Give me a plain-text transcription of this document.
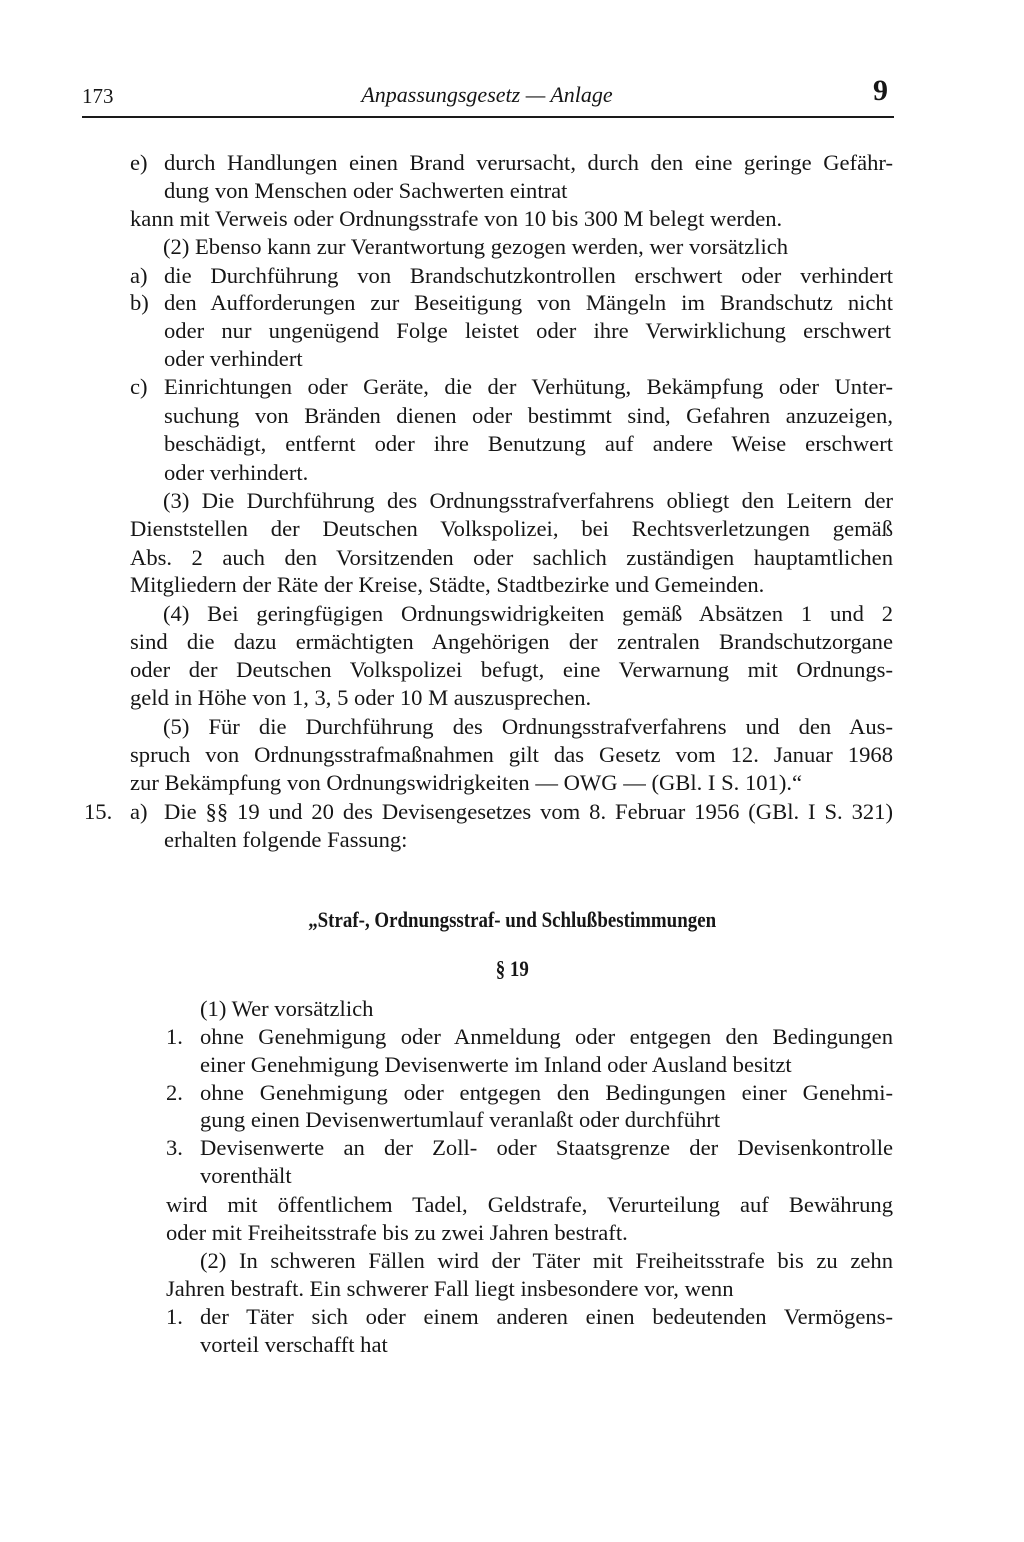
173	Anpassungsgesetz — Anlage	9
e) durch Handlungen einen Brand verursacht, durch den eine geringe Gefähr-
dung von Menschen oder Sachwerten eintrat
kann mit Verweis oder Ordnungsstrafe von 10 bis 300 M belegt werden.
(2) Ebenso kann zur Verantwortung gezogen werden, wer vorsätzlich
a) die Durchführung von Brandschutzkontrollen erschwert oder verhindert
b) den Aufforderungen zur Beseitigung von Mängeln im Brandschutz nicht
oder nur ungenügend Folge leistet oder ihre Verwirklichung erschwert
oder verhindert
c) Einrichtungen oder Geräte, die der Verhütung, Bekämpfung oder Unter-
suchung von Bränden dienen oder bestimmt sind, Gefahren anzuzeigen,
beschädigt, entfernt oder ihre Benutzung auf andere Weise erschwert
oder verhindert.
(3) Die Durchführung des Ordnungsstrafverfahrens obliegt den Leitern der
Dienststellen der Deutschen Volkspolizei, bei Rechtsverletzungen gemäß
Abs. 2 auch den Vorsitzenden oder sachlich zuständigen hauptamtlichen
Mitgliedern der Räte der Kreise, Städte, Stadtbezirke und Gemeinden.
(4) Bei geringfügigen Ordnungswidrigkeiten gemäß Absätzen 1 und 2
sind die dazu ermächtigten Angehörigen der zentralen Brandschutzorgane
oder der Deutschen Volkspolizei befugt, eine Verwarnung mit Ordnungs-
geld in Höhe von 1, 3, 5 oder 10 M auszusprechen.
(5) Für die Durchführung des Ordnungsstrafverfahrens und den Aus-
spruch von Ordnungsstrafmaßnahmen gilt das Gesetz vom 12. Januar 1968
zur Bekämpfung von Ordnungswidrigkeiten — OWG — (GBl. I S. 101).“
15. a) Die §§ 19 und 20 des Devisengesetzes vom 8. Februar 1956 (GBl. I S. 321)
erhalten folgende Fassung:
„Straf-, Ordnungsstraf- und Schlußbestimmungen
§ 19
(1) Wer vorsätzlich
1. ohne Genehmigung oder Anmeldung oder entgegen den Bedingungen
einer Genehmigung Devisenwerte im Inland oder Ausland besitzt
2. ohne Genehmigung oder entgegen den Bedingungen einer Genehmi-
gung einen Devisenwertumlauf veranlaßt oder durchführt
3. Devisenwerte an der Zoll- oder Staatsgrenze der Devisenkontrolle
vorenthält
wird mit öffentlichem Tadel, Geldstrafe, Verurteilung auf Bewährung
oder mit Freiheitsstrafe bis zu zwei Jahren bestraft.
(2) In schweren Fällen wird der Täter mit Freiheitsstrafe bis zu zehn
Jahren bestraft. Ein schwerer Fall liegt insbesondere vor, wenn
1. der Täter sich oder einem anderen einen bedeutenden Vermögens-
vorteil verschafft hat
